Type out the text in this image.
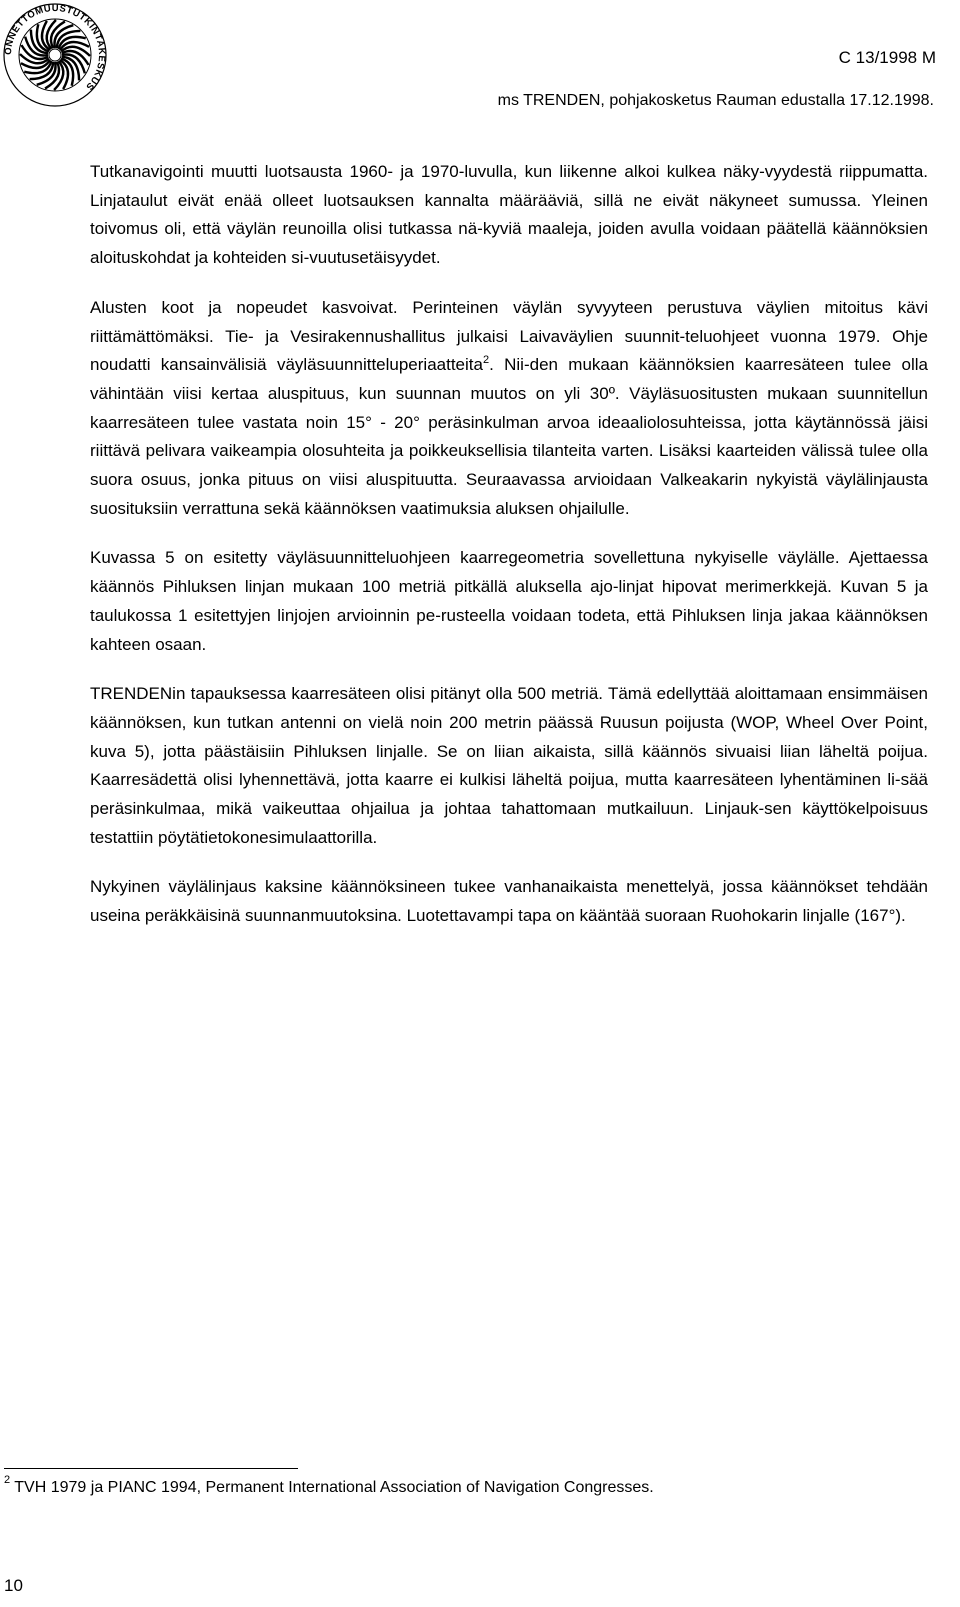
ONNETTOMUUSTUTKINTAKESKUS
C 13/1998 M
ms TRENDEN, pohjakosketus Rauman edustalla 17.12.1998.

Tutkanavigointi muutti luotsausta 1960- ja 1970-luvulla, kun liikenne alkoi kulkea näky-vyydestä riippumatta. Linjataulut eivät enää olleet luotsauksen kannalta määrääviä, sillä ne eivät näkyneet sumussa. Yleinen toivomus oli, että väylän reunoilla olisi tutkassa nä-kyviä maaleja, joiden avulla voidaan päätellä käännöksien aloituskohdat ja kohteiden si-vuutusetäisyydet.

Alusten koot ja nopeudet kasvoivat. Perinteinen väylän syvyyteen perustuva väylien mitoitus kävi riittämättömäksi. Tie- ja Vesirakennushallitus julkaisi Laivaväylien suunnit-teluohjeet vuonna 1979. Ohje noudatti kansainvälisiä väyläsuunnitteluperiaatteita$^2$. Nii-den mukaan käännöksien kaarresäteen tulee olla vähintään viisi kertaa aluspituus, kun suunnan muutos on yli 30º. Väyläsuositusten mukaan suunnitellun kaarresäteen tulee vastata noin 15° - 20° peräsinkulman arvoa ideaaliolosuhteissa, jotta käytännössä jäisi riittävä pelivara vaikeampia olosuhteita ja poikkeuksellisia tilanteita varten. Lisäksi kaarteiden välissä tulee olla suora osuus, jonka pituus on viisi aluspituutta. Seuraavassa arvioidaan Valkeakarin nykyistä väylälinjausta suosituksiin verrattuna sekä käännöksen vaatimuksia aluksen ohjailulle.

Kuvassa 5 on esitetty väyläsuunnitteluohjeen kaarregeometria sovellettuna nykyiselle väylälle. Ajettaessa käännös Pihluksen linjan mukaan 100 metriä pitkällä aluksella ajo-linjat hipovat merimerkkejä. Kuvan 5 ja taulukossa 1 esitettyjen linjojen arvioinnin pe-rusteella voidaan todeta, että Pihluksen linja jakaa käännöksen kahteen osaan.

TRENDENin tapauksessa kaarresäteen olisi pitänyt olla 500 metriä. Tämä edellyttää aloittamaan ensimmäisen käännöksen, kun tutkan antenni on vielä noin 200 metrin päässä Ruusun poijusta (WOP, Wheel Over Point, kuva 5), jotta päästäisiin Pihluksen linjalle. Se on liian aikaista, sillä käännös sivuaisi liian läheltä poijua. Kaarresädettä olisi lyhennettävä, jotta kaarre ei kulkisi läheltä poijua, mutta kaarresäteen lyhentäminen li-sää peräsinkulmaa, mikä vaikeuttaa ohjailua ja johtaa tahattomaan mutkailuun. Linjauk-sen käyttökelpoisuus testattiin pöytätietokonesimulaattorilla.

Nykyinen väylälinjaus kaksine käännöksineen tukee vanhanaikaista menettelyä, jossa käännökset tehdään useina peräkkäisinä suunnanmuutoksina. Luotettavampi tapa on kääntää suoraan Ruohokarin linjalle (167°).

$^2$ TVH 1979 ja PIANC 1994, Permanent International Association of Navigation Congresses.
10
